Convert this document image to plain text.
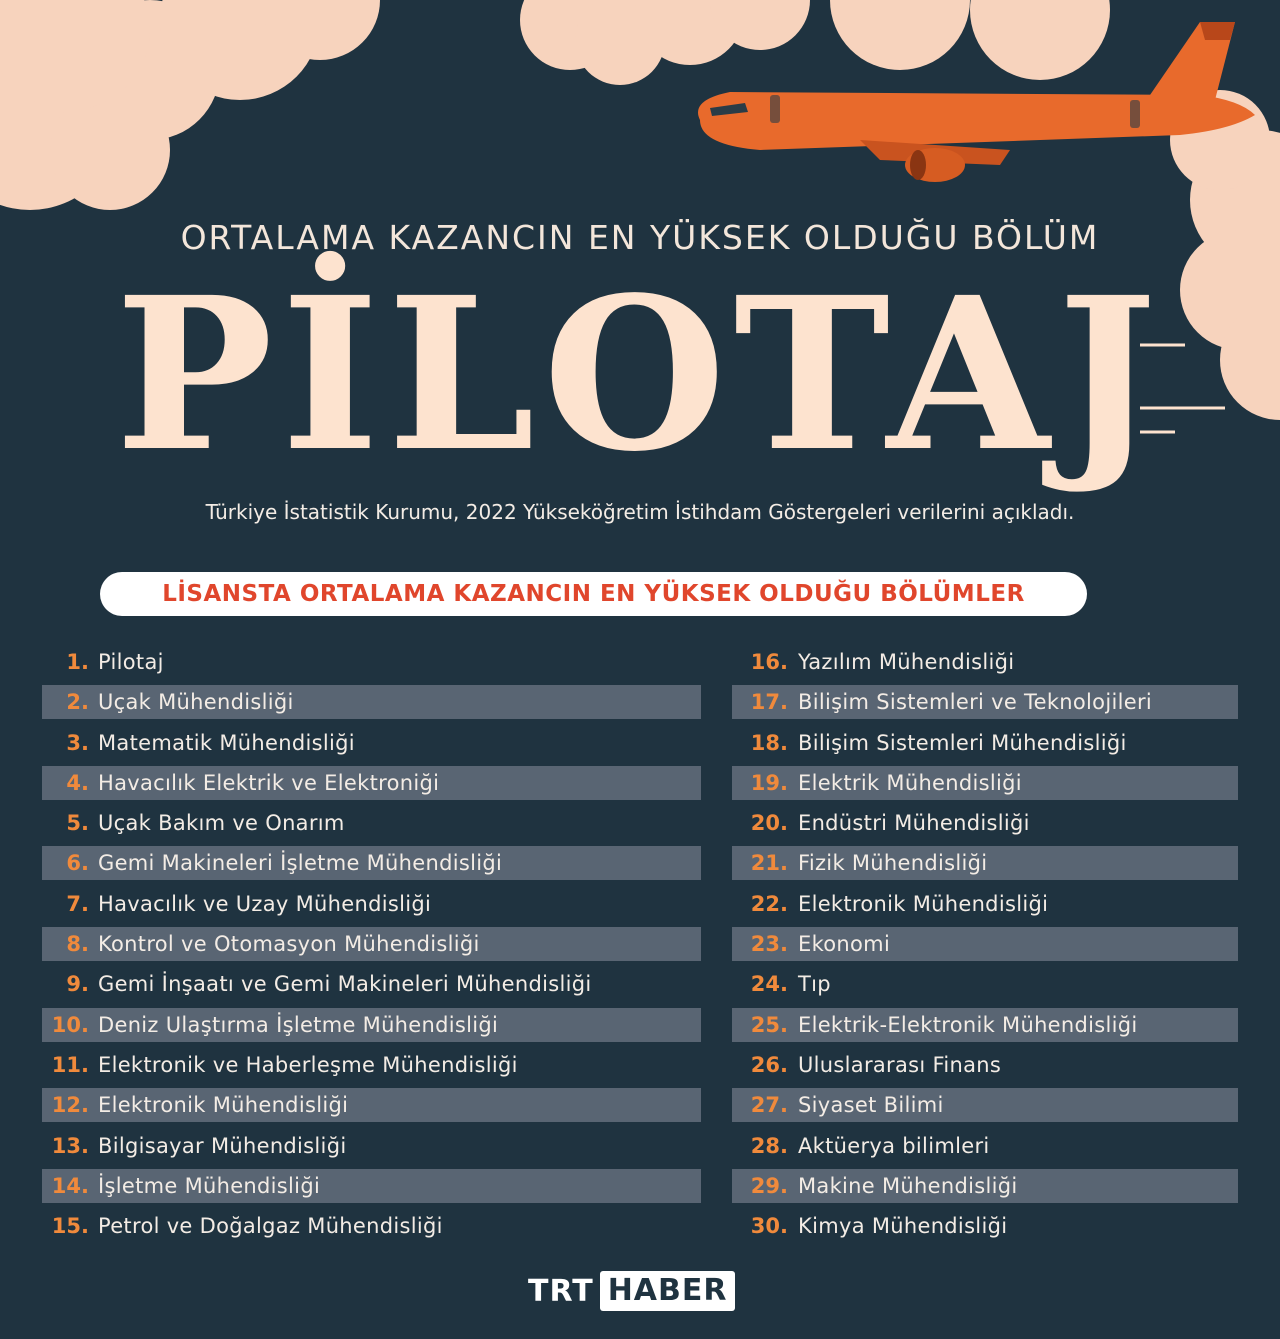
ORTALAMA KAZANCIN EN YÜKSEK OLDUĞU BÖLÜM
PİLOTAJ
Türkiye İstatistik Kurumu, 2022 Yükseköğretim İstihdam Göstergeleri verilerini açıkladı.
LİSANSTA ORTALAMA KAZANCIN EN YÜKSEK OLDUĞU BÖLÜMLER
1. Pilotaj
2. Uçak Mühendisliği
3. Matematik Mühendisliği
4. Havacılık Elektrik ve Elektroniği
5. Uçak Bakım ve Onarım
6. Gemi Makineleri İşletme Mühendisliği
7. Havacılık ve Uzay Mühendisliği
8. Kontrol ve Otomasyon Mühendisliği
9. Gemi İnşaatı ve Gemi Makineleri Mühendisliği
10. Deniz Ulaştırma İşletme Mühendisliği
11. Elektronik ve Haberleşme Mühendisliği
12. Elektronik Mühendisliği
13. Bilgisayar Mühendisliği
14. İşletme Mühendisliği
15. Petrol ve Doğalgaz Mühendisliği
16. Yazılım Mühendisliği
17. Bilişim Sistemleri ve Teknolojileri
18. Bilişim Sistemleri Mühendisliği
19. Elektrik Mühendisliği
20. Endüstri Mühendisliği
21. Fizik Mühendisliği
22. Elektronik Mühendisliği
23. Ekonomi
24. Tıp
25. Elektrik-Elektronik Mühendisliği
26. Uluslararası Finans
27. Siyaset Bilimi
28. Aktüerya bilimleri
29. Makine Mühendisliği
30. Kimya Mühendisliği
TRT HABER
